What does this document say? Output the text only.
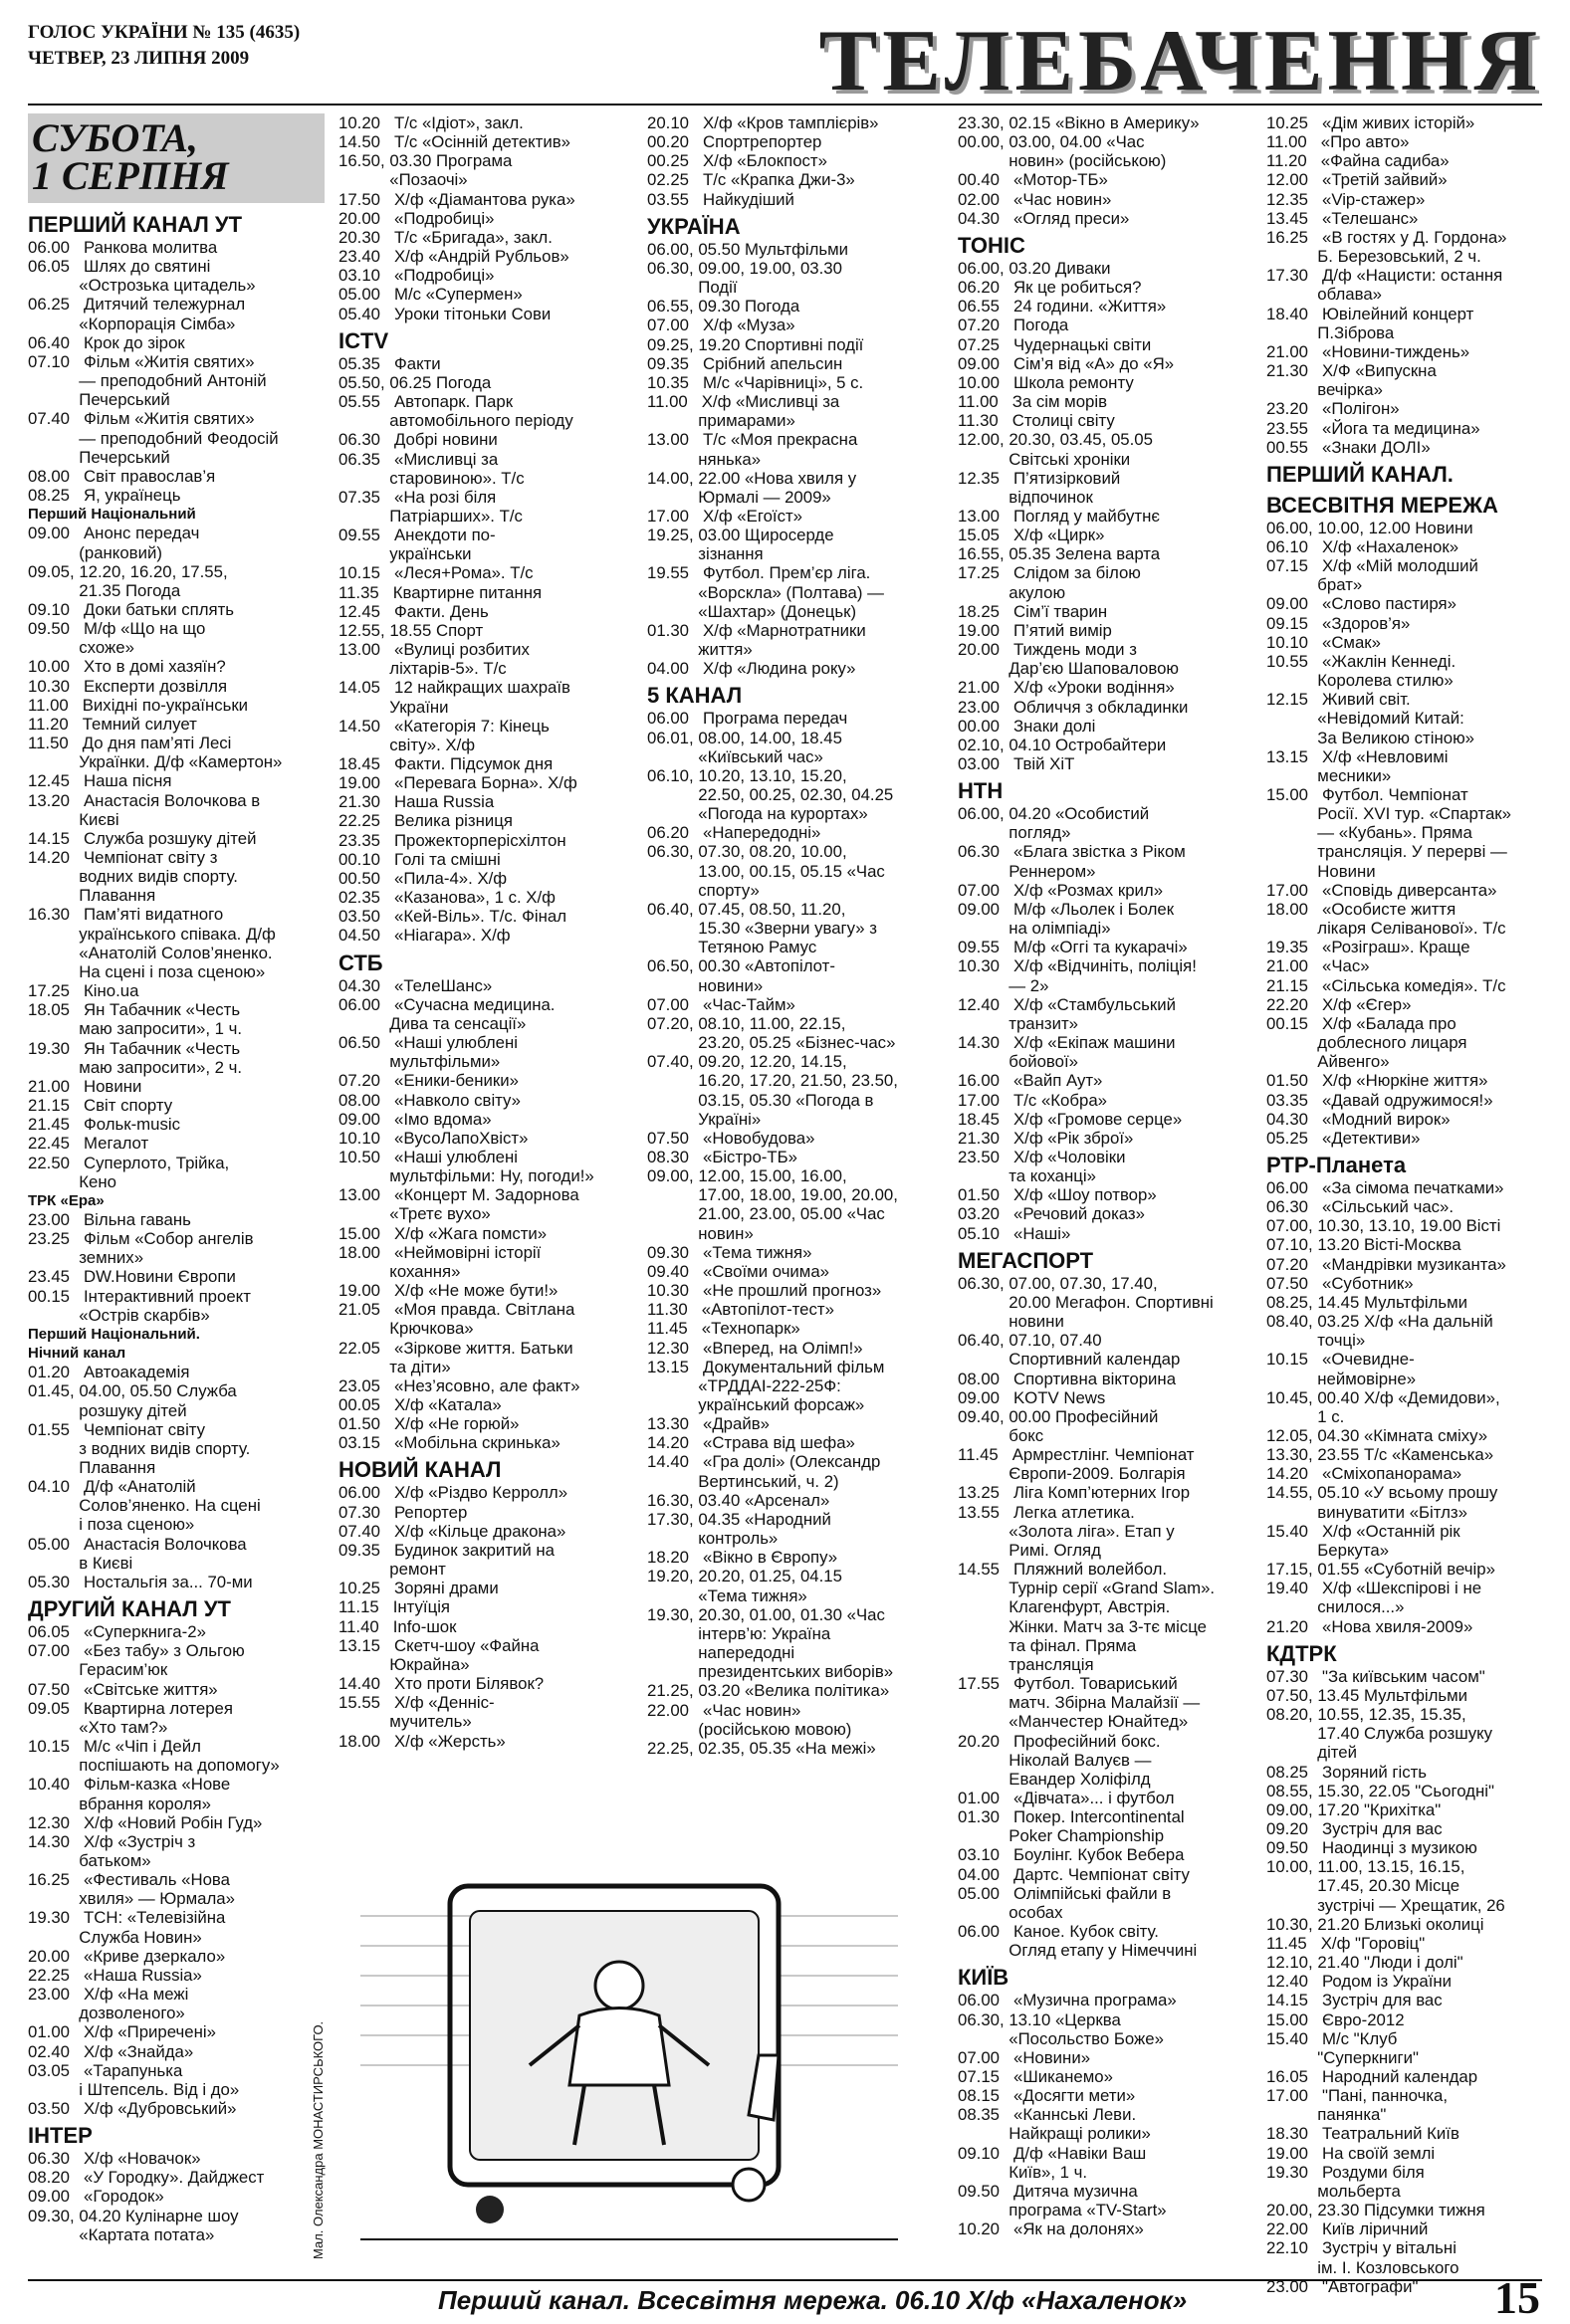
ГОЛОС УКРАЇНИ № 135 (4635)
ЧЕТВЕР, 23 ЛИПНЯ 2009	ТЕЛЕБАЧЕННЯ
СУБОТА,
1 СЕРПНЯ
ПЕРШИЙ КАНАЛ УТ
06.00   Ранкова молитва
06.05   Шлях до святині
«Острозька цитадель»
06.25   Дитячий тележурнал
«Корпорація Сімба»
06.40   Крок до зірок
07.10   Фільм «Житія святих»
— преподобний Антоній
Печерський
07.40   Фільм «Житія святих»
— преподобний Феодосій
Печерський
08.00   Світ православ’я
08.25   Я, українець
Перший Національний
09.00   Анонс передач
(ранковий)
09.05, 12.20, 16.20, 17.55,
21.35 Погода
09.10   Доки батьки сплять
09.50   М/ф «Що на що
схоже»
10.00   Хто в домі хазяїн?
10.30   Експерти дозвілля
11.00   Вихідні по-українськи
11.20   Темний силует
11.50   До дня пам’яті Лесі
Українки. Д/ф «Камертон»
12.45   Наша пісня
13.20   Анастасія Волочкова в
Києві
14.15   Служба розшуку дітей
14.20   Чемпіонат світу з
водних видів спорту.
Плавання
16.30   Пам’яті видатного
українського співака. Д/ф
«Анатолій Солов’яненко.
На сцені і поза сценою»
17.25   Кіно.ua
18.05   Ян Табачник «Честь
маю запросити», 1 ч.
19.30   Ян Табачник «Честь
маю запросити», 2 ч.
21.00   Новини
21.15   Світ спорту
21.45   Фольк-music
22.45   Мегалот
22.50   Суперлото, Трійка,
Кено
ТРК «Ера»
23.00   Вільна гавань
23.25   Фільм «Собор ангелів
земних»
23.45   DW.Новини Європи
00.15   Інтерактивний проект
«Острів скарбів»
Перший Національний.
Нічний канал
01.20   Автоакадемія
01.45, 04.00, 05.50 Служба
розшуку дітей
01.55   Чемпіонат світу
з водних видів спорту.
Плавання
04.10   Д/ф «Анатолій
Солов’яненко. На сцені
і поза сценою»
05.00   Анастасія Волочкова
в Києві
05.30   Ностальгія за... 70-ми
ДРУГИЙ КАНАЛ УТ
06.05   «Суперкнига-2»
07.00   «Без табу» з Ольгою
Герасим’юк
07.50   «Світське життя»
09.05   Квартирна лотерея
«Хто там?»
10.15   М/с «Чіп і Дейл
поспішають на допомогу»
10.40   Фільм-казка «Нове
вбрання короля»
12.30   Х/ф «Новий Робін Гуд»
14.30   Х/ф «Зустріч з
батьком»
16.25   «Фестиваль «Нова
хвиля» — Юрмала»
19.30   ТСН: «Телевізійна
Служба Новин»
20.00   «Криве дзеркало»
22.25   «Наша Russia»
23.00   Х/ф «На межі
дозволеного»
01.00   Х/ф «Приречені»
02.40   Х/ф «Знайда»
03.05   «Тарапунька
і Штепсель. Від і до»
03.50   Х/ф «Дубровський»
ІНТЕР
06.30   Х/ф «Новачок»
08.20   «У Городку». Дайджест
09.00   «Городок»
09.30, 04.20 Кулінарне шоу
«Картата потата»
10.20   Т/с «Ідіот», закл.
14.50   Т/с «Осінній детектив»
16.50, 03.30 Програма
«Позаочі»
17.50   Х/ф «Діамантова рука»
20.00   «Подробиці»
20.30   Т/с «Бригада», закл.
23.40   Х/ф «Андрій Рубльов»
03.10   «Подробиці»
05.00   М/с «Супермен»
05.40   Уроки тітоньки Сови
ICTV
05.35   Факти
05.50, 06.25 Погода
05.55   Автопарк. Парк
автомобільного періоду
06.30   Добрі новини
06.35   «Мисливці за
старовиною». Т/с
07.35   «На розі біля
Патріарших». Т/с
09.55   Анекдоти по-
українськи
10.15   «Леся+Рома». Т/с
11.35   Квартирне питання
12.45   Факти. День
12.55, 18.55 Спорт
13.00   «Вулиці розбитих
ліхтарів-5». Т/с
14.05   12 найкращих шахраїв
України
14.50   «Категорія 7: Кінець
світу». Х/ф
18.45   Факти. Підсумок дня
19.00   «Перевага Борна». Х/ф
21.30   Наша Russia
22.25   Велика різниця
23.35   Прожекторперісхілтон
00.10   Голі та смішні
00.50   «Пила-4». Х/ф
02.35   «Казанова», 1 с. Х/ф
03.50   «Кей-Віль». Т/с. Фінал
04.50   «Ніагара». Х/ф
СТБ
04.30   «ТелеШанс»
06.00   «Сучасна медицина.
Дива та сенсації»
06.50   «Наші улюблені
мультфільми»
07.20   «Еники-беники»
08.00   «Навколо світу»
09.00   «Імо вдома»
10.10   «ВусоЛапоХвіст»
10.50   «Наші улюблені
мультфільми: Ну, погоди!»
13.00   «Концерт М. Задорнова
«Третє вухо»
15.00   Х/ф «Жага помсти»
18.00   «Неймовірні історії
кохання»
19.00   Х/ф «Не може бути!»
21.05   «Моя правда. Світлана
Крючкова»
22.05   «Зіркове життя. Батьки
та діти»
23.05   «Нез’ясовно, але факт»
00.05   Х/ф «Катала»
01.50   Х/ф «Не горюй»
03.15   «Мобільна скринька»
НОВИЙ КАНАЛ
06.00   Х/ф «Різдво Керролл»
07.30   Репортер
07.40   Х/ф «Кільце дракона»
09.35   Будинок закритий на
ремонт
10.25   Зоряні драми
11.15   Інтуїція
11.40   Info-шок
13.15   Скетч-шоу «Файна
Юкрайна»
14.40   Хто проти Білявок?
15.55   Х/ф «Денніс-
мучитель»
18.00   Х/ф «Жерсть»
20.10   Х/ф «Кров тамплієрів»
00.20   Спортрепортер
00.25   Х/ф «Блокпост»
02.25   Т/с «Крапка Джи-3»
03.55   Найкудіший
УКРАЇНА
06.00, 05.50 Мультфільми
06.30, 09.00, 19.00, 03.30
Події
06.55, 09.30 Погода
07.00   Х/ф «Муза»
09.25, 19.20 Спортивні події
09.35   Срібний апельсин
10.35   М/с «Чарівниці», 5 с.
11.00   Х/ф «Мисливці за
примарами»
13.00   Т/с «Моя прекрасна
нянька»
14.00, 22.00 «Нова хвиля у
Юрмалі — 2009»
17.00   Х/ф «Егоїст»
19.25, 03.00 Щиросерде
зізнання
19.55   Футбол. Прем’єр ліга.
«Ворскла» (Полтава) —
«Шахтар» (Донецьк)
01.30   Х/ф «Марнотратники
життя»
04.00   Х/ф «Людина року»
5 КАНАЛ
06.00   Програма передач
06.01, 08.00, 14.00, 18.45
«Київський час»
06.10, 10.20, 13.10, 15.20,
22.50, 00.25, 02.30, 04.25
«Погода на курортах»
06.20   «Напередодні»
06.30, 07.30, 08.20, 10.00,
13.00, 00.15, 05.15 «Час
спорту»
06.40, 07.45, 08.50, 11.20,
15.30 «Зверни увагу» з
Тетяною Рамус
06.50, 00.30 «Автопілот-
новини»
07.00   «Час-Тайм»
07.20, 08.10, 11.00, 22.15,
23.20, 05.25 «Бізнес-час»
07.40, 09.20, 12.20, 14.15,
16.20, 17.20, 21.50, 23.50,
03.15, 05.30 «Погода в
Україні»
07.50   «Новобудова»
08.30   «Бістро-ТБ»
09.00, 12.00, 15.00, 16.00,
17.00, 18.00, 19.00, 20.00,
21.00, 23.00, 05.00 «Час
новин»
09.30   «Тема тижня»
09.40   «Своїми очима»
10.30   «Не прошлий прогноз»
11.30   «Автопілот-тест»
11.45   «Технопарк»
12.30   «Вперед, на Олімп!»
13.15   Документальний фільм
«ТРДДАІ-222-25Ф:
український форсаж»
13.30   «Драйв»
14.20   «Страва від шефа»
14.40   «Гра долі» (Олександр
Вертинський, ч. 2)
16.30, 03.40 «Арсенал»
17.30, 04.35 «Народний
контроль»
18.20   «Вікно в Європу»
19.20, 20.20, 01.25, 04.15
«Тема тижня»
19.30, 20.30, 01.00, 01.30 «Час
інтерв’ю: Україна
напередодні
президентських виборів»
21.25, 03.20 «Велика політика»
22.00   «Час новин»
(російською мовою)
22.25, 02.35, 05.35 «На межі»
23.30, 02.15 «Вікно в Америку»
00.00, 03.00, 04.00 «Час
новин» (російською)
00.40   «Мотор-ТБ»
02.00   «Час новин»
04.30   «Огляд преси»
ТОНІС
06.00, 03.20 Диваки
06.20   Як це робиться?
06.55   24 години. «Життя»
07.20   Погода
07.25   Чудернацькі світи
09.00   Сім’я від «А» до «Я»
10.00   Школа ремонту
11.00   За сім морів
11.30   Столиці світу
12.00, 20.30, 03.45, 05.05
Світські хроніки
12.35   П’ятизірковий
відпочинок
13.00   Погляд у майбутнє
15.05   Х/ф «Цирк»
16.55, 05.35 Зелена варта
17.25   Слідом за білою
акулою
18.25   Сім’ї тварин
19.00   П’ятий вимір
20.00   Тиждень моди з
Дар’єю Шаповаловою
21.00   Х/ф «Уроки водіння»
23.00   Обличчя з обкладинки
00.00   Знаки долі
02.10, 04.10 Остробайтери
03.00   Твій ХіТ
НТН
06.00, 04.20 «Особистий
погляд»
06.30   «Блага звістка з Ріком
Реннером»
07.00   Х/ф «Розмах крил»
09.00   М/ф «Льолек і Болек
на олімпіаді»
09.55   М/ф «Оггі та кукарачі»
10.30   Х/ф «Відчиніть, поліція!
— 2»
12.40   Х/ф «Стамбульський
транзит»
14.30   Х/ф «Екіпаж машини
бойової»
16.00   «Вайп Аут»
17.00   Т/с «Кобра»
18.45   Х/ф «Громове серце»
21.30   Х/ф «Рік зброї»
23.50   Х/ф «Чоловіки
та коханці»
01.50   Х/ф «Шоу потвор»
03.20   «Речовий доказ»
05.10   «Наші»
МЕГАСПОРТ
06.30, 07.00, 07.30, 17.40,
20.00 Мегафон. Спортивні
новини
06.40, 07.10, 07.40
Спортивний календар
08.00   Спортивна вікторина
09.00   KOTV News
09.40, 00.00 Професійний
бокс
11.45   Армрестлінг. Чемпіонат
Європи-2009. Болгарія
13.25   Ліга Комп’ютерних Ігор
13.55   Легка атлетика.
«Золота ліга». Етап у
Римі. Огляд
14.55   Пляжний волейбол.
Турнір серії «Grand Slam».
Клагенфурт, Австрія.
Жінки. Матч за 3-тє місце
та фінал. Пряма
трансляція
17.55   Футбол. Товариський
матч. Збірна Малайзії —
«Манчестер Юнайтед»
20.20   Професійний бокс.
Ніколай Валуєв —
Евандер Холіфілд
01.00   «Дівчата»... і футбол
01.30   Покер. Intercontinental
Poker Championship
03.10   Боулінг. Кубок Вебера
04.00   Дартс. Чемпіонат світу
05.00   Олімпійські файли в
особах
06.00   Каное. Кубок світу.
Огляд етапу у Німеччині
КИЇВ
06.00   «Музична програма»
06.30, 13.10 «Церква
«Посольство Боже»
07.00   «Новини»
07.15   «Шиканемо»
08.15   «Досягти мети»
08.35   «Каннські Леви.
Найкращі ролики»
09.10   Д/ф «Навіки Ваш
Київ», 1 ч.
09.50   Дитяча музична
програма «TV-Start»
10.20   «Як на долонях»
10.25   «Дім живих історій»
11.00   «Про авто»
11.20   «Файна садиба»
12.00   «Третій зайвий»
12.35   «Vip-стажер»
13.45   «Телешанс»
16.25   «В гостях у Д. Гордона»
Б. Березовський, 2 ч.
17.30   Д/ф «Нацисти: остання
облава»
18.40   Ювілейний концерт
П.Зіброва
21.00   «Новини-тиждень»
21.30   Х/Ф «Випускна
вечірка»
23.20   «Полігон»
23.55   «Йога та медицина»
00.55   «Знаки ДОЛІ»
ПЕРШИЙ КАНАЛ.
ВСЕСВІТНЯ МЕРЕЖА
06.00, 10.00, 12.00 Новини
06.10   Х/ф «Нахаленок»
07.15   Х/ф «Мій молодший
брат»
09.00   «Слово пастиря»
09.15   «Здоров’я»
10.10   «Смак»
10.55   «Жаклін Кеннеді.
Королева стилю»
12.15   Живий світ.
«Невідомий Китай:
За Великою стіною»
13.15   Х/ф «Невловимі
месники»
15.00   Футбол. Чемпіонат
Росії. XVI тур. «Спартак»
— «Кубань». Пряма
трансляція. У перерві —
Новини
17.00   «Сповідь диверсанта»
18.00   «Особисте життя
лікаря Селіванової». Т/с
19.35   «Розіграш». Краще
21.00   «Час»
21.15   «Сільська комедія». Т/с
22.20   Х/ф «Єгер»
00.15   Х/ф «Балада про
доблесного лицаря
Айвенго»
01.50   Х/ф «Нюркіне життя»
03.35   «Давай одружимося!»
04.30   «Модний вирок»
05.25   «Детективи»
РТР-Планета
06.00   «За сімома печатками»
06.30   «Сільський час».
07.00, 10.30, 13.10, 19.00 Вісті
07.10, 13.20 Вісті-Москва
07.20   «Мандрівки музиканта»
07.50   «Суботник»
08.25, 14.45 Мультфільми
08.40, 03.25 Х/ф «На дальній
точці»
10.15   «Очевидне-
неймовірне»
10.45, 00.40 Х/ф «Демидови»,
1 с.
12.05, 04.30 «Кімната сміху»
13.30, 23.55 Т/с «Каменська»
14.20   «Сміхопанорама»
14.55, 05.10 «У всьому прошу
винуватити «Бітлз»
15.40   Х/ф «Останній рік
Беркута»
17.15, 01.55 «Суботній вечір»
19.40   Х/ф «Шекспірові і не
снилося...»
21.20   «Нова хвиля-2009»
КДТРК
07.30   "За київським часом"
07.50, 13.45 Мультфільми
08.20, 10.55, 12.35, 15.35,
17.40 Служба розшуку
дітей
08.25   Зоряний гість
08.55, 15.30, 22.05 "Сьогодні"
09.00, 17.20 "Крихітка"
09.20   Зустріч для вас
09.50   Наодинці з музикою
10.00, 11.00, 13.15, 16.15,
17.45, 20.30 Місце
зустрічі — Хрещатик, 26
10.30, 21.20 Близькі околиці
11.45   Х/ф "Горовіц"
12.10, 21.40 "Люди і долі"
12.40   Родом із України
14.15   Зустріч для вас
15.00   Євро-2012
15.40   М/с "Клуб
"Суперкниги"
16.05   Народний календар
17.00   "Пані, панночка,
панянка"
18.30   Театральний Київ
19.00   На своїй землі
19.30   Роздуми біля
мольберта
20.00, 23.30 Підсумки тижня
22.00   Київ ліричний
22.10   Зустріч у вітальні
ім. І. Козловського
23.00   "Автографи"
Мал. Олександра МОНАСТИРСЬКОГО.
Перший канал. Всесвітня мережа. 06.10 Х/ф «Нахаленок»	15
